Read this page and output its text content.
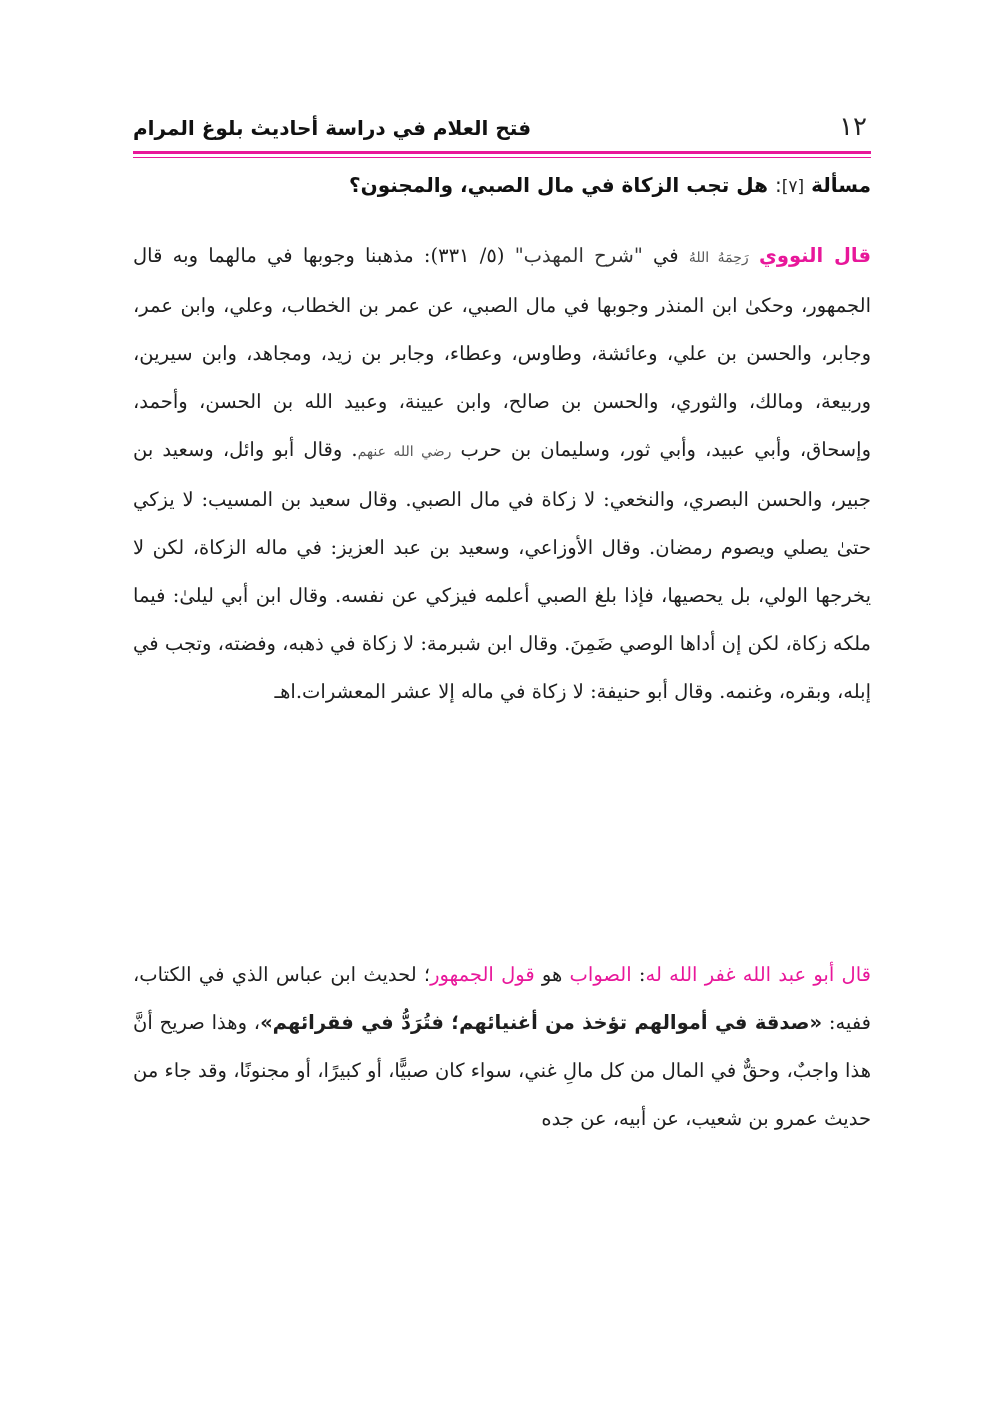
١٢
فتح العلام في دراسة أحاديث بلوغ المرام
مسألة [٧]: هل تجب الزكاة في مال الصبي، والمجنون؟

قال النووي رَحِمَهُ اللهُ في "شرح المهذب" (٥/ ٣٣١): مذهبنا وجوبها في مالهما وبه قال الجمهور، وحكىٰ ابن المنذر وجوبها في مال الصبي، عن عمر بن الخطاب، وعلي، وابن عمر، وجابر، والحسن بن علي، وعائشة، وطاوس، وعطاء، وجابر بن زيد، ومجاهد، وابن سيرين، وربيعة، ومالك، والثوري، والحسن بن صالح، وابن عيينة، وعبيد الله بن الحسن، وأحمد، وإسحاق، وأبي عبيد، وأبي ثور، وسليمان بن حرب رضي الله عنهم. وقال أبو وائل، وسعيد بن جبير، والحسن البصري، والنخعي: لا زكاة في مال الصبي. وقال سعيد بن المسيب: لا يزكي حتىٰ يصلي ويصوم رمضان. وقال الأوزاعي، وسعيد بن عبد العزيز: في ماله الزكاة، لكن لا يخرجها الولي، بل يحصيها، فإذا بلغ الصبي أعلمه فيزكي عن نفسه. وقال ابن أبي ليلىٰ: فيما ملكه زكاة، لكن إن أداها الوصي ضَمِنَ. وقال ابن شبرمة: لا زكاة في ذهبه، وفضته، وتجب في إبله، وبقره، وغنمه. وقال أبو حنيفة: لا زكاة في ماله إلا عشر المعشرات.اهـ

قال أبو عبد الله غفر الله له: الصواب هو قول الجمهور؛ لحديث ابن عباس الذي في الكتاب، ففيه: «صدقة في أموالهم تؤخذ من أغنيائهم؛ فتُرَدُّ في فقرائهم»، وهذا صريح أنَّ هذا واجبٌ، وحقٌّ في المال من كل مالِ غني، سواء كان صبيًّا، أو كبيرًا، أو مجنونًا، وقد جاء من حديث عمرو بن شعيب، عن أبيه، عن جده
